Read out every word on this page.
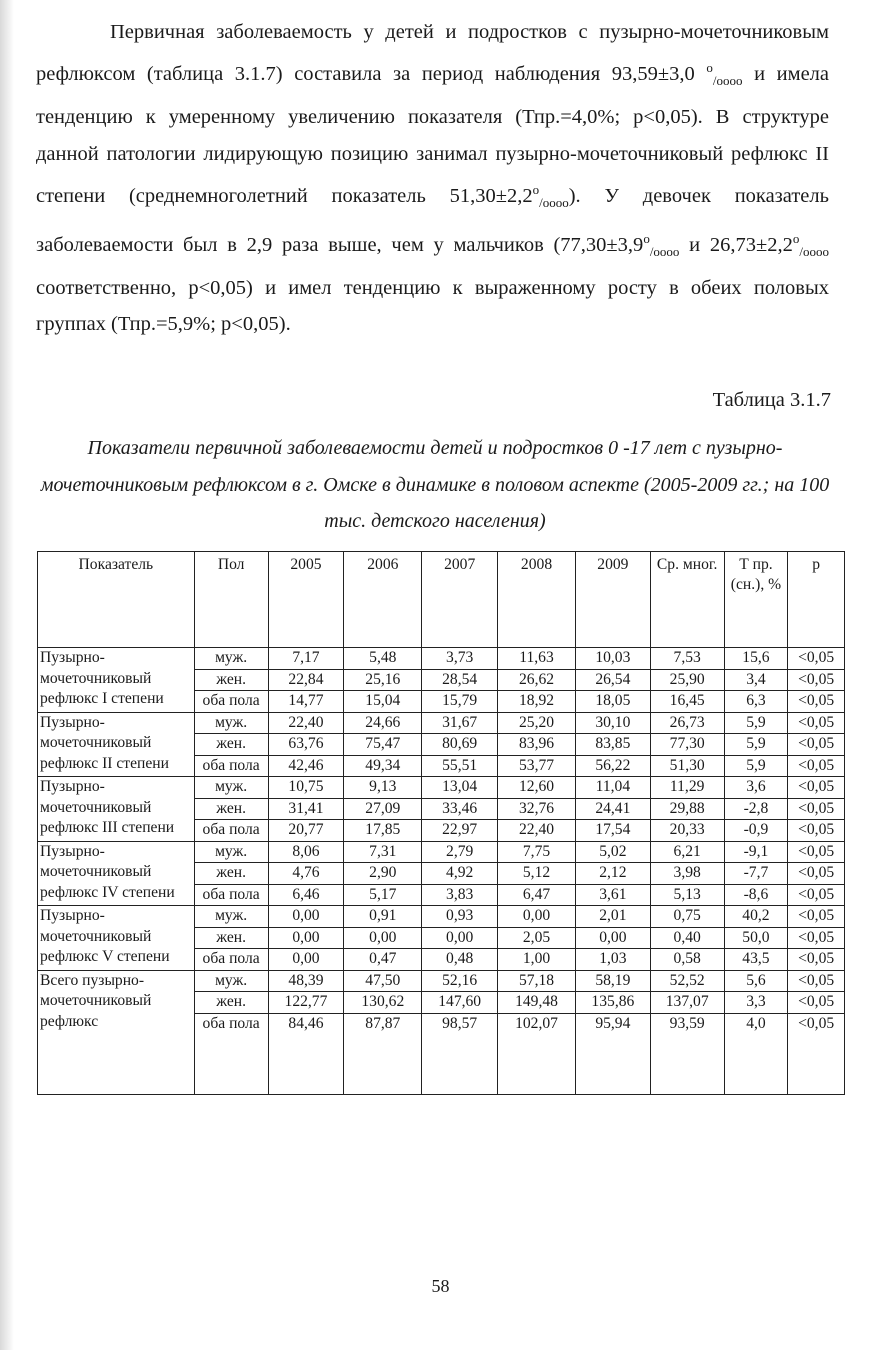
Первичная заболеваемость у детей и подростков с пузырно-мочеточниковым рефлюксом (таблица 3.1.7) составила за период наблюдения 93,59±3,0 $^о_{/оооо}$ и имела тенденцию к умеренному увеличению показателя (Тпр.=4,0%; р<0,05). В структуре данной патологии лидирующую позицию занимал пузырно-мочеточниковый рефлюкс II степени (среднемноголетний показатель $51,30\pm 2,2^о_{/оооо}$). У девочек показатель заболеваемости был в 2,9 раза выше, чем у мальчиков ($77,30\pm 3,9^о_{/оооо}$ и $26,73\pm 2,2^о_{/оооо}$ соответственно, р<0,05) и имел тенденцию к выраженному росту в обеих половых группах (Тпр.=5,9%; р<0,05).

Таблица 3.1.7

Показатели первичной заболеваемости детей и подростков 0 -17 лет с пузырно-мочеточниковым рефлюксом в г. Омске в динамике в половом аспекте (2005-2009 гг.; на 100 тыс. детского населения)

Показатель	Пол	2005	2006	2007	2008	2009	Ср. мног.	Т пр. (сн.), %	р
Пузырно-мочеточниковый рефлюкс I степени	муж.	7,17	5,48	3,73	11,63	10,03	7,53	15,6	<0,05
	жен.	22,84	25,16	28,54	26,62	26,54	25,90	3,4	<0,05
	оба пола	14,77	15,04	15,79	18,92	18,05	16,45	6,3	<0,05
Пузырно-мочеточниковый рефлюкс II степени	муж.	22,40	24,66	31,67	25,20	30,10	26,73	5,9	<0,05
	жен.	63,76	75,47	80,69	83,96	83,85	77,30	5,9	<0,05
	оба пола	42,46	49,34	55,51	53,77	56,22	51,30	5,9	<0,05
Пузырно-мочеточниковый рефлюкс III степени	муж.	10,75	9,13	13,04	12,60	11,04	11,29	3,6	<0,05
	жен.	31,41	27,09	33,46	32,76	24,41	29,88	-2,8	<0,05
	оба пола	20,77	17,85	22,97	22,40	17,54	20,33	-0,9	<0,05
Пузырно-мочеточниковый рефлюкс IV степени	муж.	8,06	7,31	2,79	7,75	5,02	6,21	-9,1	<0,05
	жен.	4,76	2,90	4,92	5,12	2,12	3,98	-7,7	<0,05
	оба пола	6,46	5,17	3,83	6,47	3,61	5,13	-8,6	<0,05
Пузырно-мочеточниковый рефлюкс V степени	муж.	0,00	0,91	0,93	0,00	2,01	0,75	40,2	<0,05
	жен.	0,00	0,00	0,00	2,05	0,00	0,40	50,0	<0,05
	оба пола	0,00	0,47	0,48	1,00	1,03	0,58	43,5	<0,05
Всего пузырно-мочеточниковый рефлюкс	муж.	48,39	47,50	52,16	57,18	58,19	52,52	5,6	<0,05
	жен.	122,77	130,62	147,60	149,48	135,86	137,07	3,3	<0,05
	оба пола	84,46	87,87	98,57	102,07	95,94	93,59	4,0	<0,05

58
